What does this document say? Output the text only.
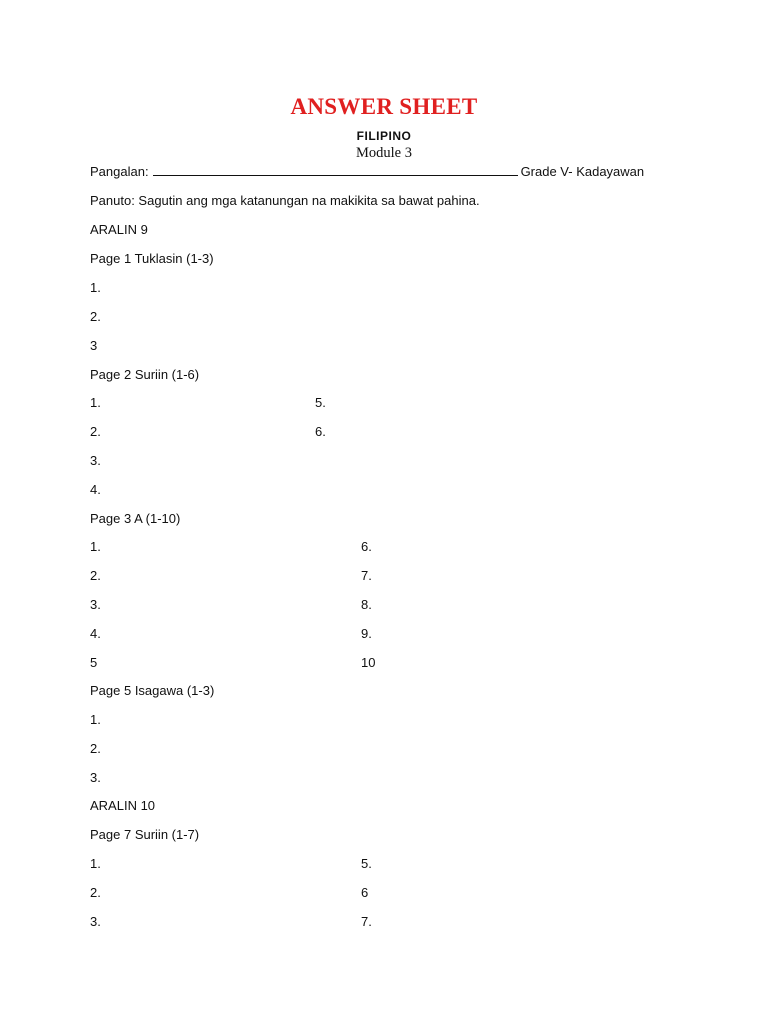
ANSWER SHEET
FILIPINO
Module 3
Pangalan:	Grade V- Kadayawan
Panuto: Sagutin ang mga katanungan na makikita sa bawat pahina.
ARALIN 9
Page 1 Tuklasin (1-3)
1.
2.
3
Page 2 Suriin (1-6)
1.	5.
2.	6.
3.
4.
Page 3 A (1-10)
1.	6.
2.	7.
3.	8.
4.	9.
5	10
Page 5 Isagawa (1-3)
1.
2.
3.
ARALIN 10
Page 7 Suriin (1-7)
1.	5.
2.	6
3.	7.
